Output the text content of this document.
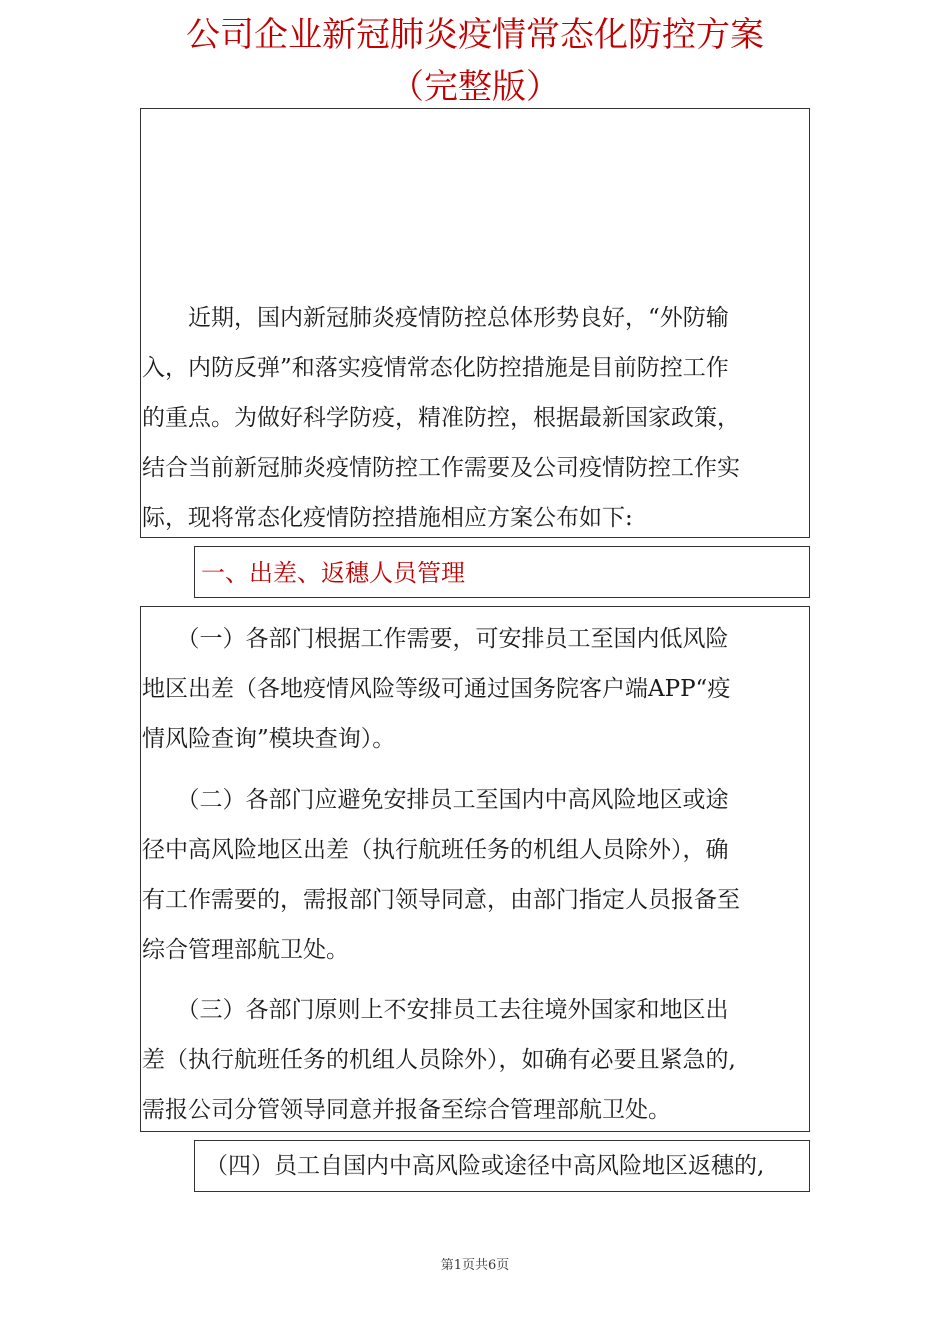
公司企业新冠肺炎疫情常态化防控方案
（完整版）

　　近期，国内新冠肺炎疫情防控总体形势良好，“外防输
入，内防反弹”和落实疫情常态化防控措施是目前防控工作
的重点。为做好科学防疫，精准防控，根据最新国家政策，
结合当前新冠肺炎疫情防控工作需要及公司疫情防控工作实
际，现将常态化疫情防控措施相应方案公布如下:

一、出差、返穗人员管理

　　（一）各部门根据工作需要，可安排员工至国内低风险
地区出差（各地疫情风险等级可通过国务院客户端APP“疫
情风险查询”模块查询）。

　　（二）各部门应避免安排员工至国内中高风险地区或途
径中高风险地区出差（执行航班任务的机组人员除外），确
有工作需要的，需报部门领导同意，由部门指定人员报备至
综合管理部航卫处。

　　（三）各部门原则上不安排员工去往境外国家和地区出
差（执行航班任务的机组人员除外），如确有必要且紧急的,
需报公司分管领导同意并报备至综合管理部航卫处。

（四）员工自国内中高风险或途径中高风险地区返穗的,
第1页共6页
